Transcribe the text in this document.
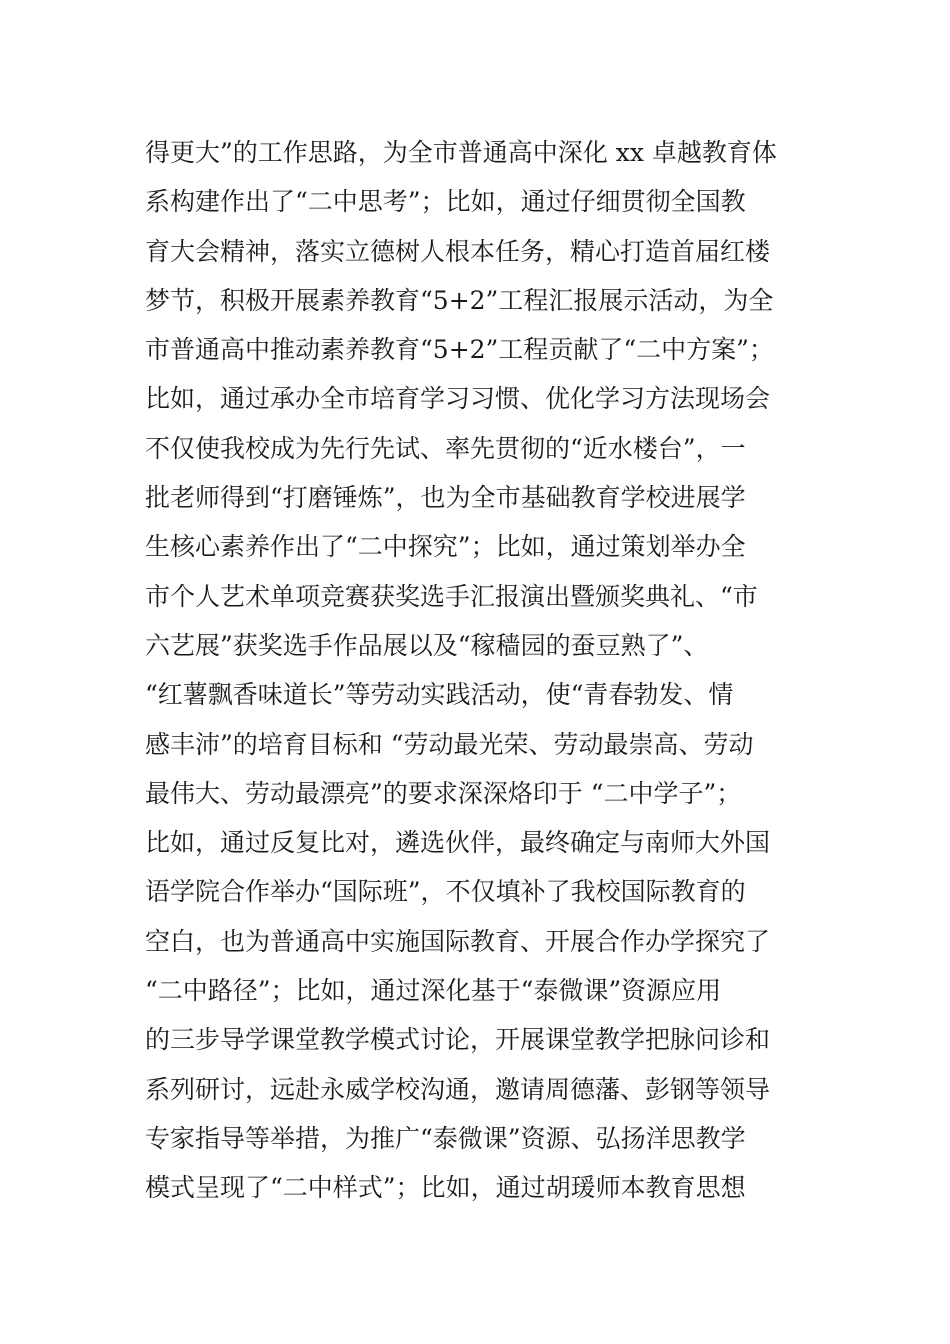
得更大”的工作思路，为全市普通高中深化 xx 卓越教育体
系构建作出了“二中思考”；比如，通过仔细贯彻全国教
育大会精神，落实立德树人根本任务，精心打造首届红楼
梦节，积极开展素养教育“5+2”工程汇报展示活动，为全
市普通高中推动素养教育“5+2”工程贡献了“二中方案”；
比如，通过承办全市培育学习习惯、优化学习方法现场会
不仅使我校成为先行先试、率先贯彻的“近水楼台”，一
批老师得到“打磨锤炼”，也为全市基础教育学校进展学
生核心素养作出了“二中探究”；比如，通过策划举办全
市个人艺术单项竞赛获奖选手汇报演出暨颁奖典礼、“市
六艺展”获奖选手作品展以及“稼穑园的蚕豆熟了”、
“红薯飘香味道长”等劳动实践活动，使“青春勃发、情
感丰沛”的培育目标和 “劳动最光荣、劳动最崇高、劳动
最伟大、劳动最漂亮”的要求深深烙印于 “二中学子”；
比如，通过反复比对，遴选伙伴，最终确定与南师大外国
语学院合作举办“国际班”，不仅填补了我校国际教育的
空白，也为普通高中实施国际教育、开展合作办学探究了
“二中路径”；比如，通过深化基于“泰微课”资源应用
的三步导学课堂教学模式讨论，开展课堂教学把脉问诊和
系列研讨，远赴永威学校沟通，邀请周德藩、彭钢等领导
专家指导等举措，为推广“泰微课”资源、弘扬洋思教学
模式呈现了“二中样式”；比如，通过胡瑗师本教育思想
